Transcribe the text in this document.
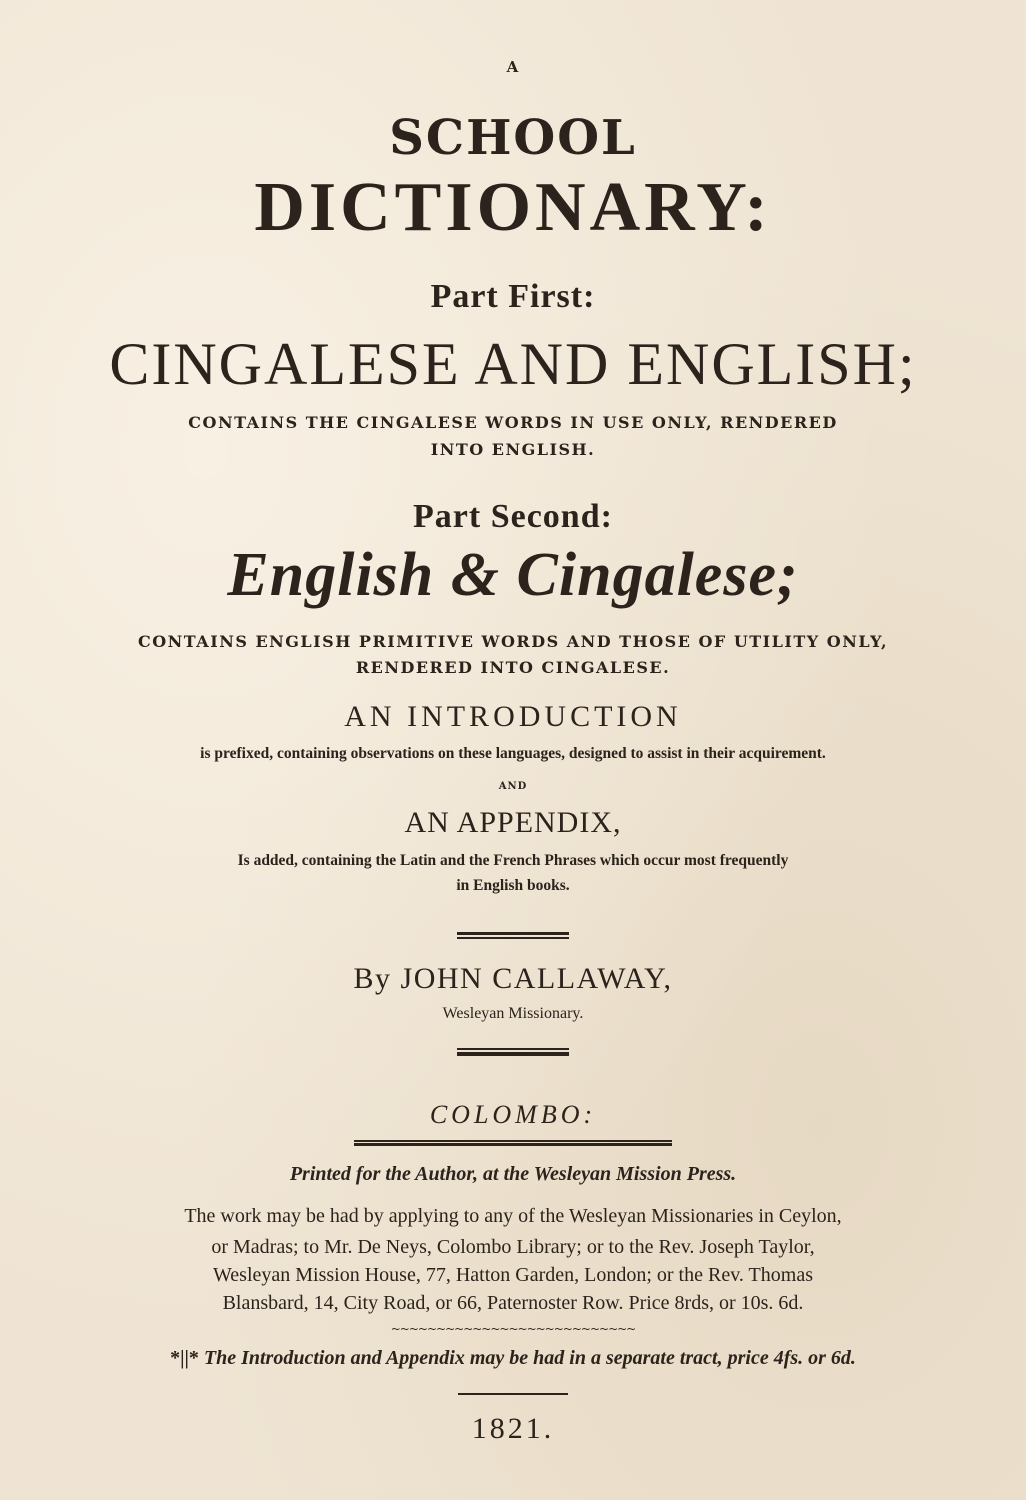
A
SCHOOL
DICTIONARY:
Part First:
CINGALESE AND ENGLISH;
CONTAINS THE CINGALESE WORDS IN USE ONLY, RENDERED
INTO ENGLISH.
Part Second:
English & Cingalese;
CONTAINS ENGLISH PRIMITIVE WORDS AND THOSE OF UTILITY ONLY,
RENDERED INTO CINGALESE.
AN INTRODUCTION
is prefixed, containing observations on these languages, designed to assist in their acquirement.
AND
AN APPENDIX,
Is added, containing the Latin and the French Phrases which occur most frequently
in English books.
By JOHN CALLAWAY,
Wesleyan Missionary.
COLOMBO:
Printed for the Author, at the Wesleyan Mission Press.
The work may be had by applying to any of the Wesleyan Missionaries in Ceylon,
or Madras; to Mr. De Neys, Colombo Library; or to the Rev. Joseph Taylor,
Wesleyan Mission House, 77, Hatton Garden, London; or the Rev. Thomas
Blansbard, 14, City Road, or 66, Paternoster Row. Price 8rds, or 10s. 6d.
~~~~~~~~~~~~~~~~~~~~~~~~~~~
*||* The Introduction and Appendix may be had in a separate tract, price 4fs. or 6d.
1821.
